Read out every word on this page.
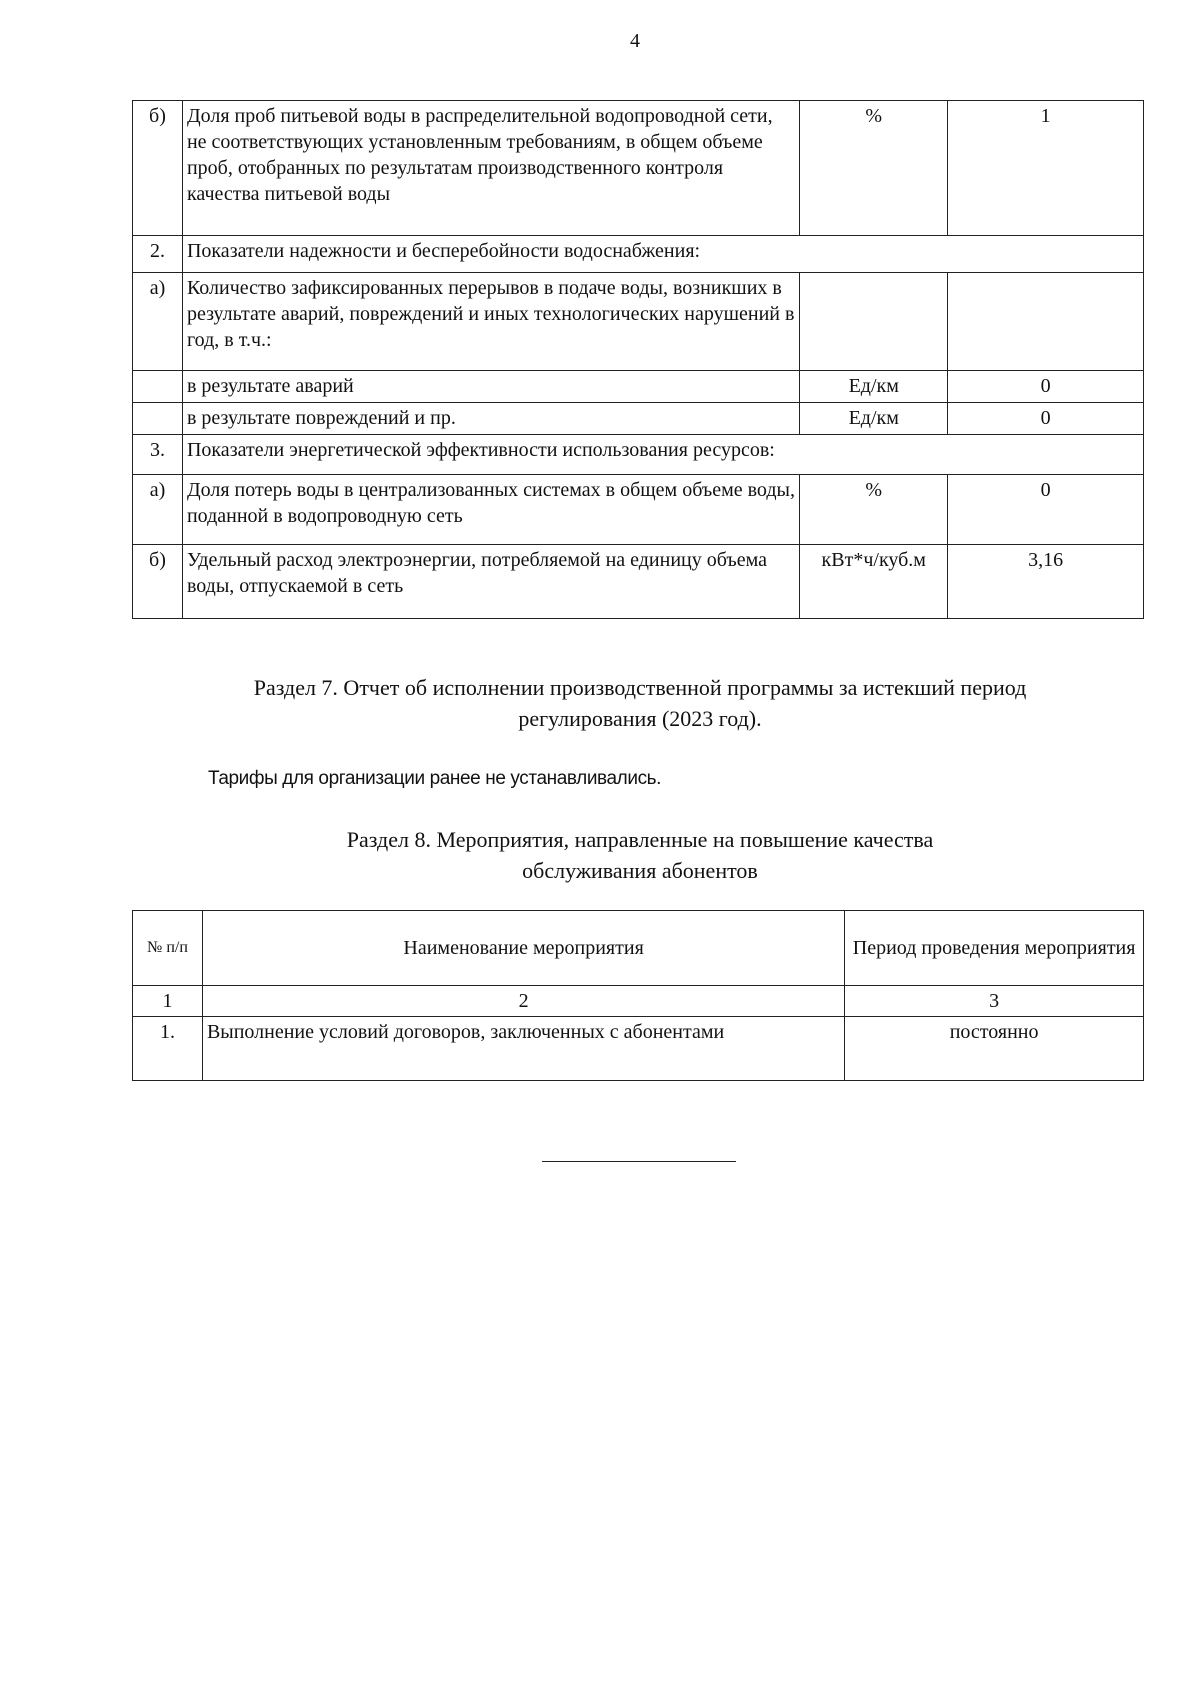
4
б)	Доля проб питьевой воды в распределительной водопроводной сети, не соответствующих установленным требованиям, в общем объеме проб, отобранных по результатам производственного контроля качества питьевой воды	%	1
2.	Показатели надежности и бесперебойности водоснабжения:		
а)	Количество зафиксированных перерывов в подаче воды, возникших в результате аварий, повреждений и иных технологических нарушений в год, в т.ч.:		
	в результате аварий	Ед/км	0
	в результате повреждений и пр.	Ед/км	0
3.	Показатели энергетической эффективности использования ресурсов:		
а)	Доля потерь воды в централизованных системах в общем объеме воды, поданной в водопроводную сеть	%	0
б)	Удельный расход электроэнергии, потребляемой на единицу объема воды, отпускаемой в сеть	кВт*ч/куб.м	3,16
Раздел 7. Отчет об исполнении производственной программы за истекший период
регулирования (2023 год).
Тарифы для организации ранее не устанавливались.
Раздел 8. Мероприятия, направленные на повышение качества
обслуживания абонентов
№ п/п	Наименование мероприятия	Период проведения мероприятия
1	2	3
1.	Выполнение условий договоров, заключенных с абонентами	постоянно
